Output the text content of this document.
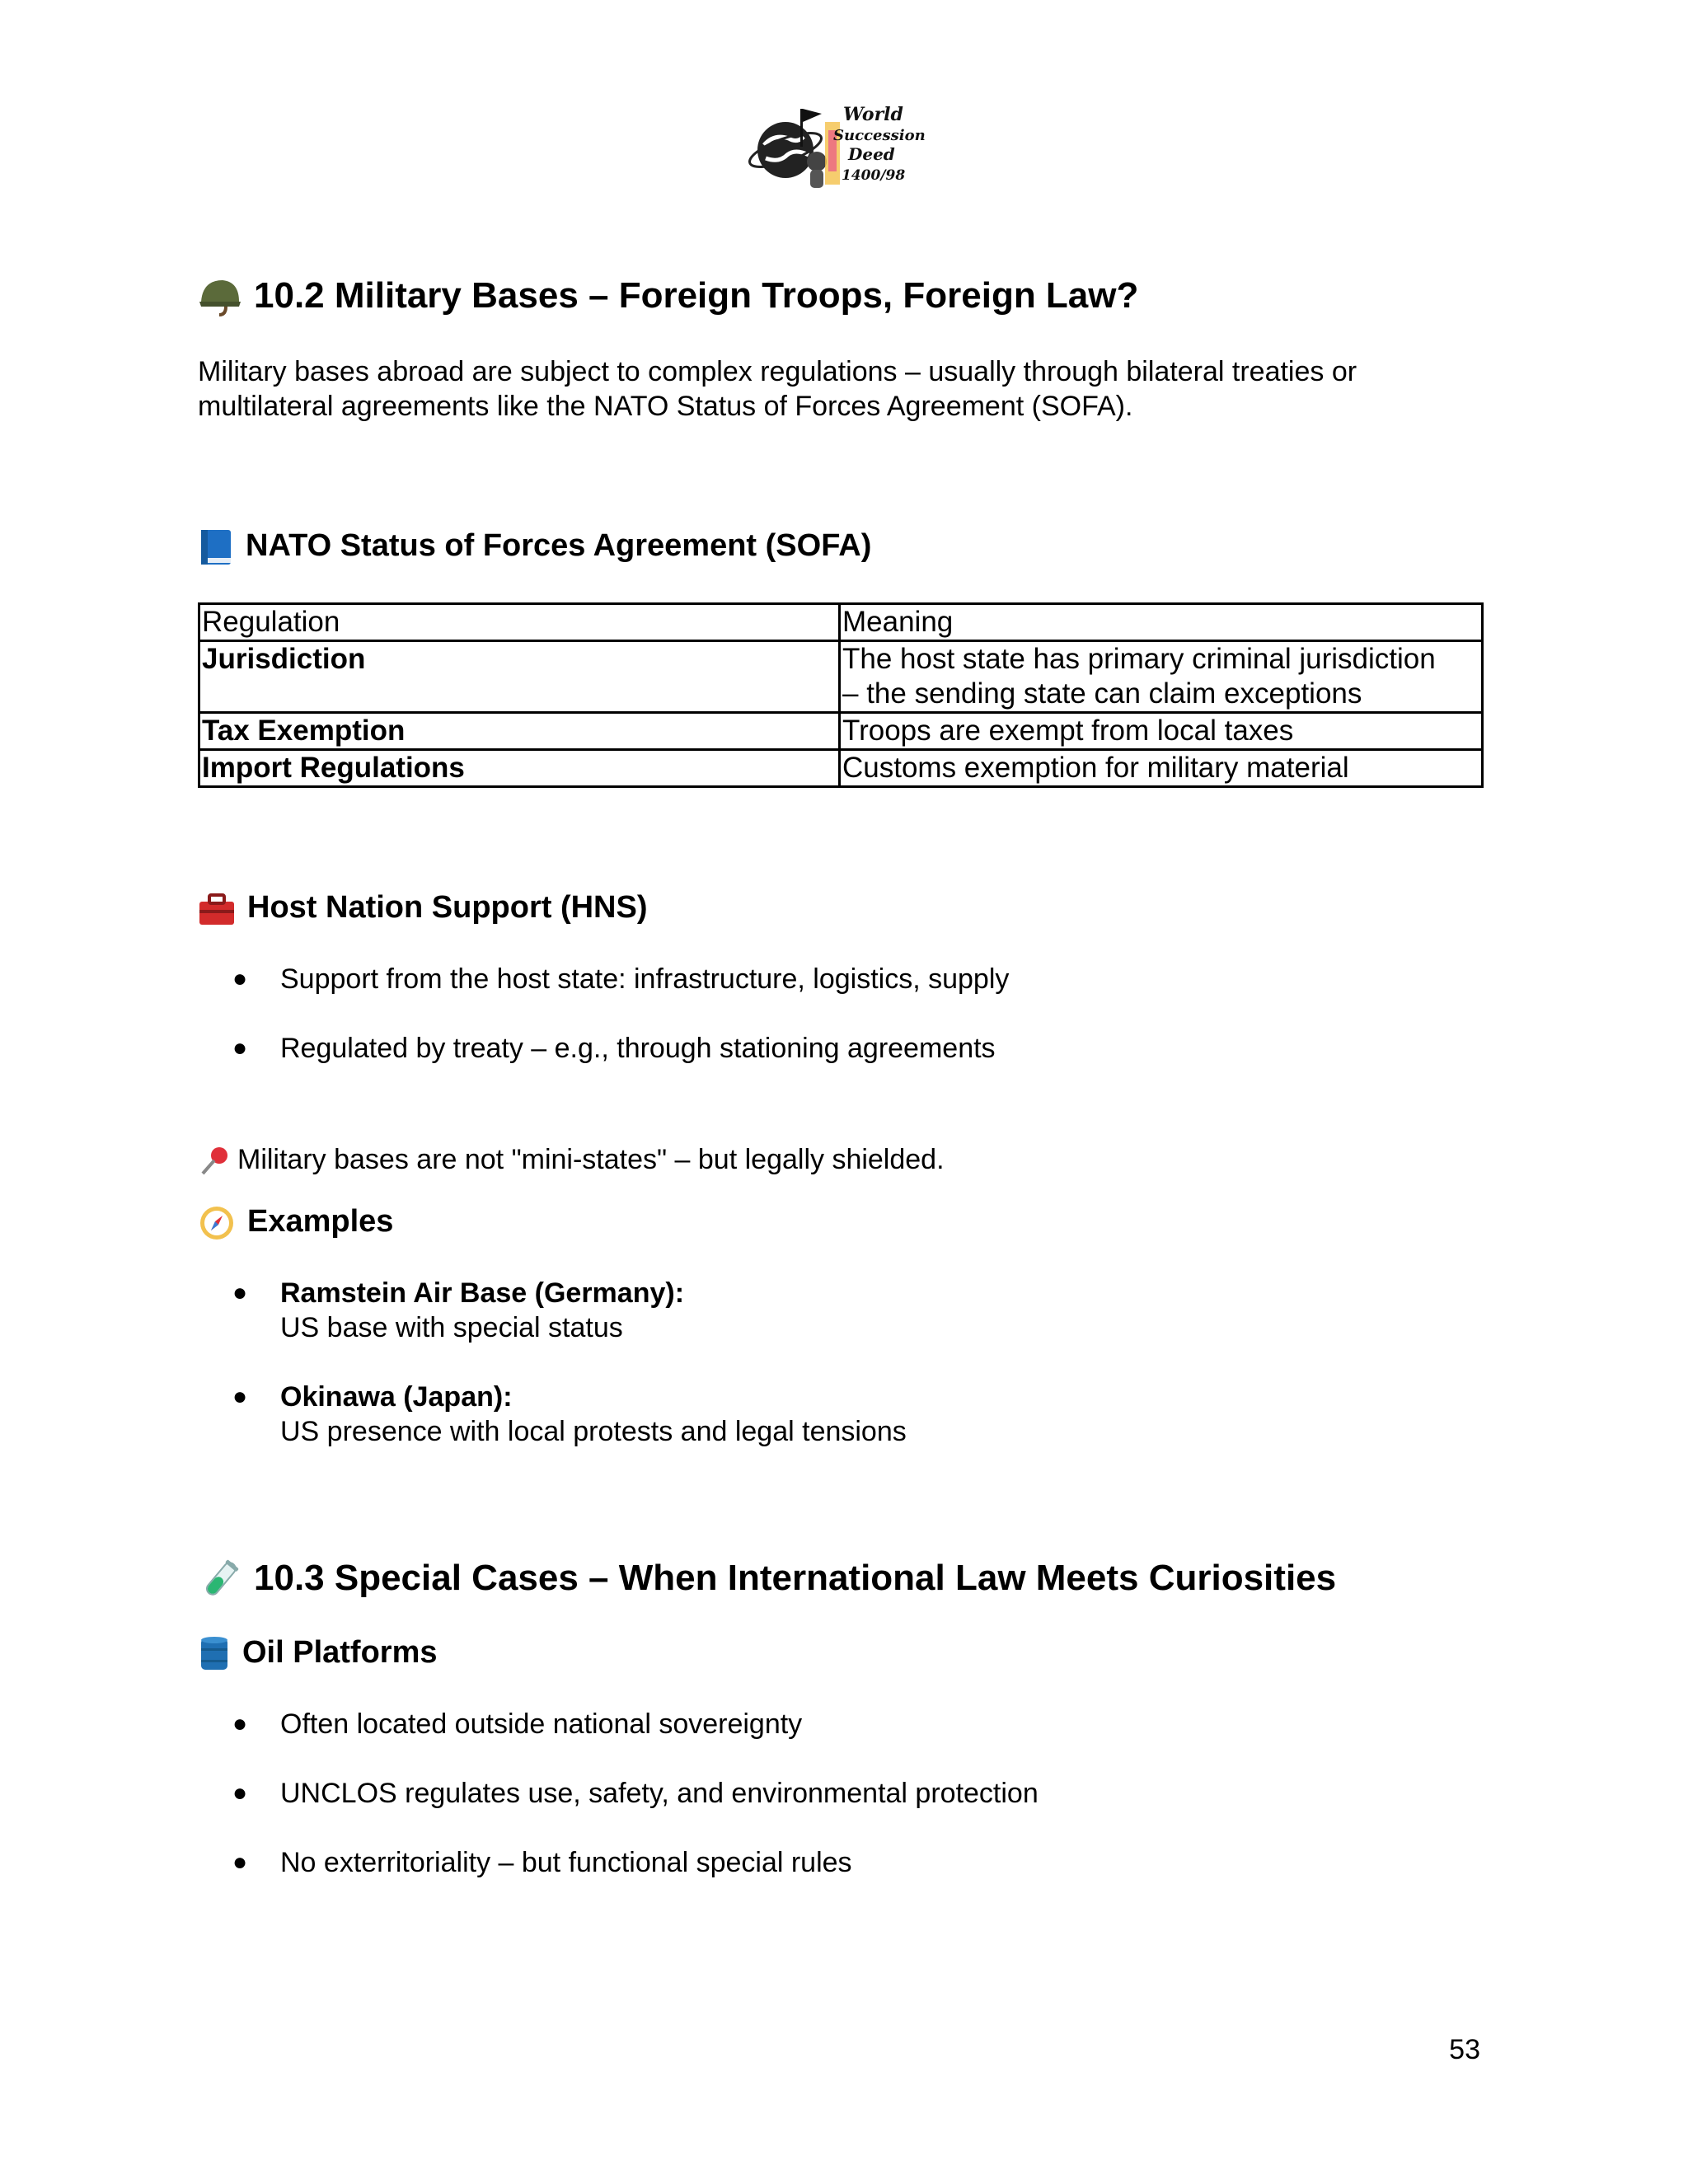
World
Succession
Deed
1400/98
10.2 Military Bases – Foreign Troops, Foreign Law?
Military bases abroad are subject to complex regulations – usually through bilateral treaties or
multilateral agreements like the NATO Status of Forces Agreement (SOFA).
NATO Status of Forces Agreement (SOFA)
Regulation	Meaning
Jurisdiction	The host state has primary criminal jurisdiction
– the sending state can claim exceptions

Tax Exemption	Troops are exempt from local taxes
Import Regulations	Customs exemption for military material
Host Nation Support (HNS)
● Support from the host state: infrastructure, logistics, supply
● Regulated by treaty – e.g., through stationing agreements
Military bases are not "mini-states" – but legally shielded.
Examples
● Ramstein Air Base (Germany):
US base with special status
● Okinawa (Japan):
US presence with local protests and legal tensions
10.3 Special Cases – When International Law Meets Curiosities
Oil Platforms
● Often located outside national sovereignty
● UNCLOS regulates use, safety, and environmental protection
● No exterritoriality – but functional special rules
53
